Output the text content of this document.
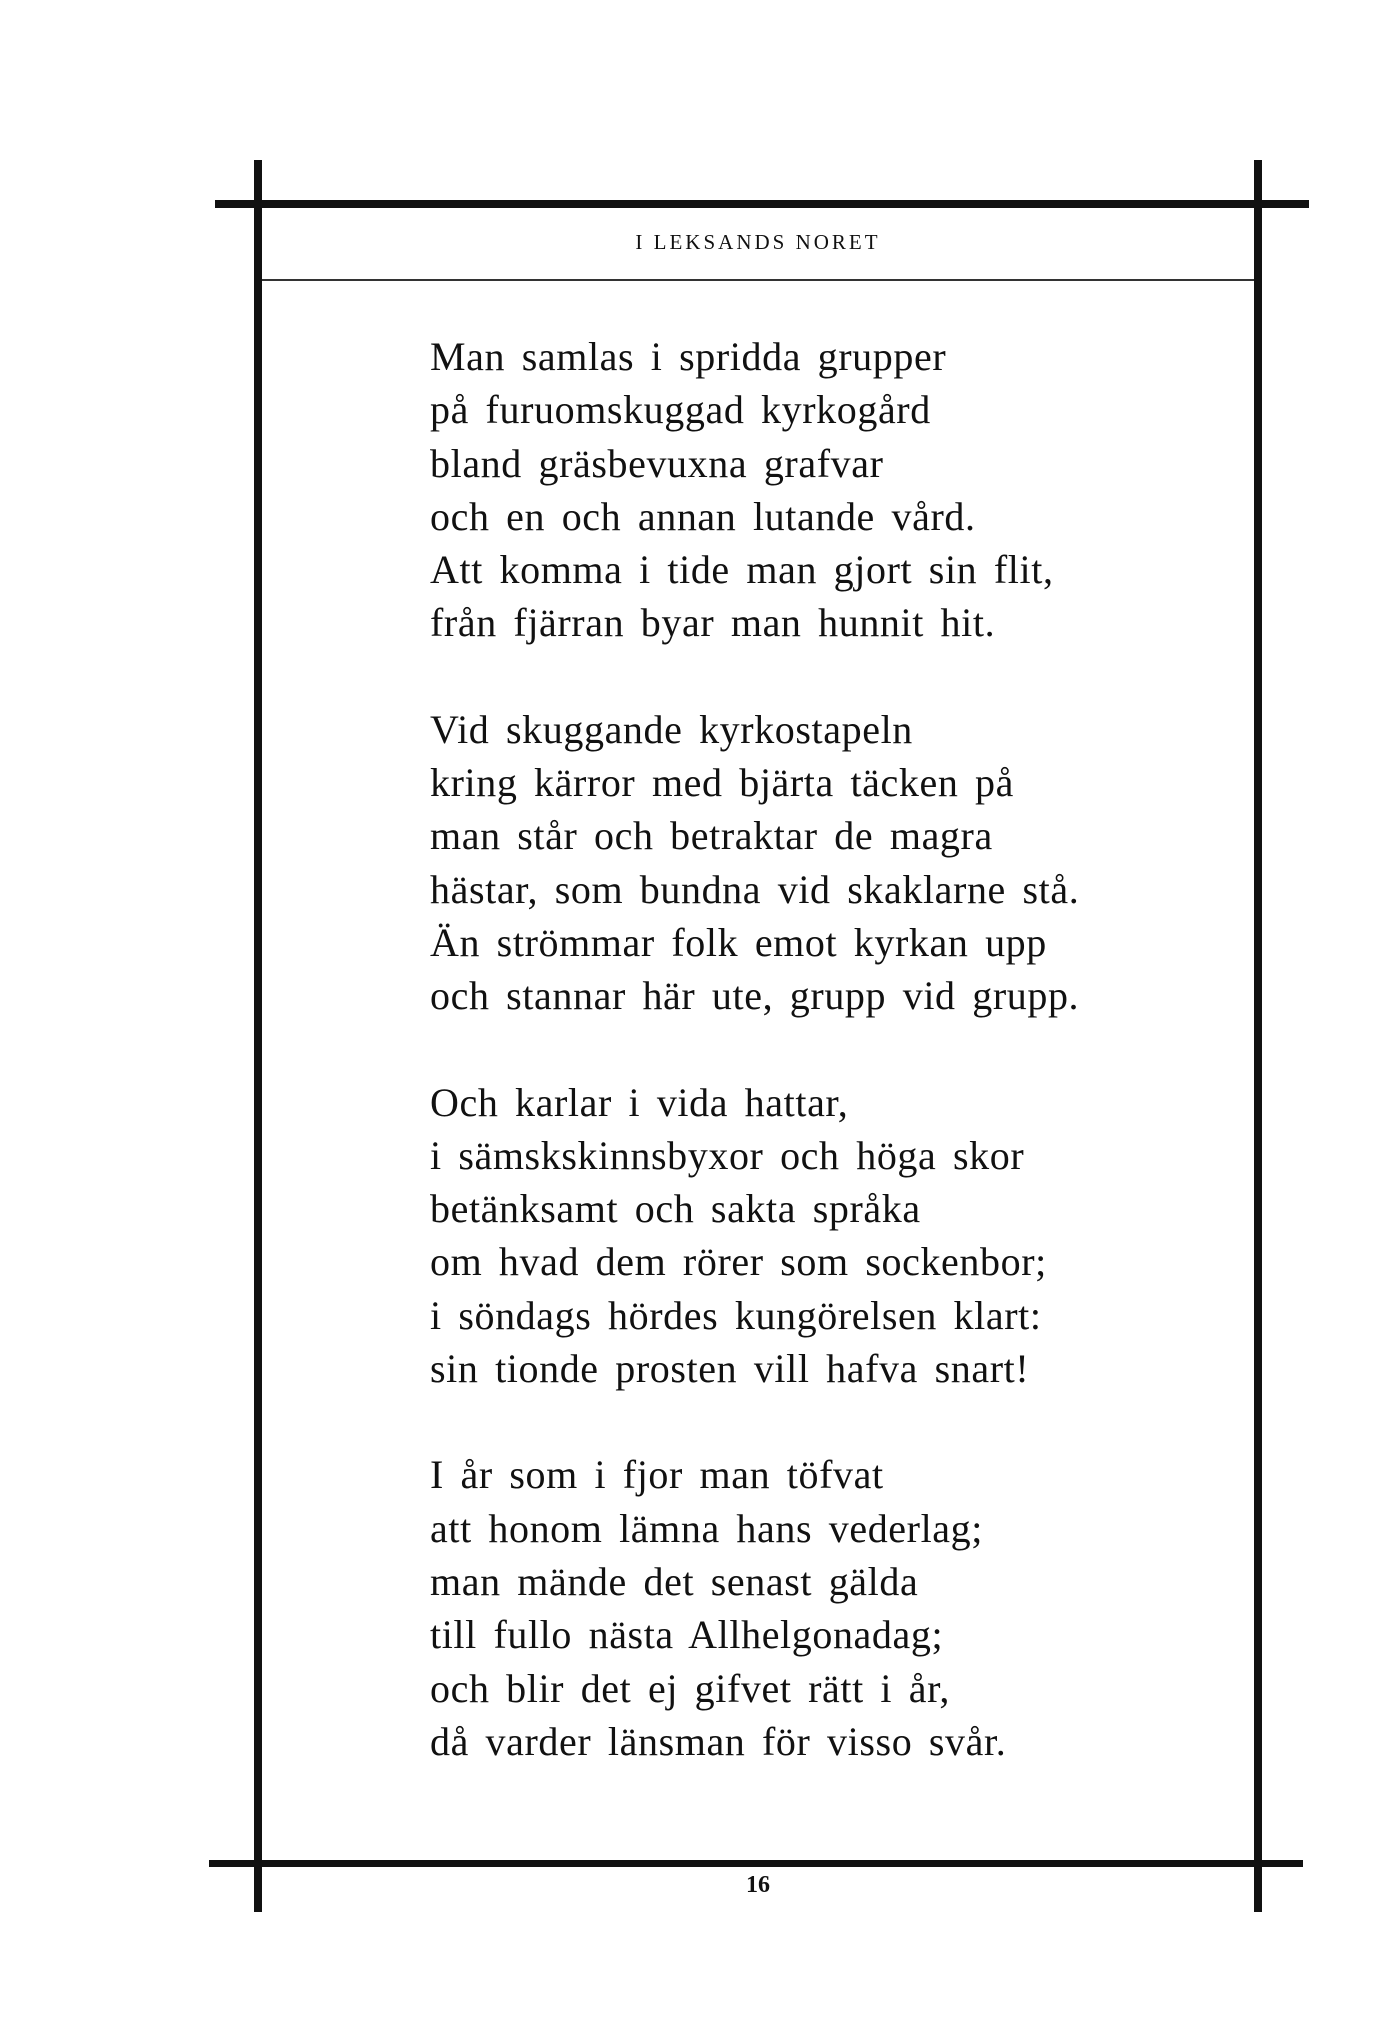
I LEKSANDS NORET
Man samlas i spridda grupper
på furuomskuggad kyrkogård
bland gräsbevuxna grafvar
och en och annan lutande vård.
Att komma i tide man gjort sin flit,
från fjärran byar man hunnit hit.
Vid skuggande kyrkostapeln
kring kärror med bjärta täcken på
man står och betraktar de magra
hästar, som bundna vid skaklarne stå.
Än strömmar folk emot kyrkan upp
och stannar här ute, grupp vid grupp.
Och karlar i vida hattar,
i sämskskinnsbyxor och höga skor
betänksamt och sakta språka
om hvad dem rörer som sockenbor;
i söndags hördes kungörelsen klart:
sin tionde prosten vill hafva snart!
I år som i fjor man töfvat
att honom lämna hans vederlag;
man mände det senast gälda
till fullo nästa Allhelgonadag;
och blir det ej gifvet rätt i år,
då varder länsman för visso svår.
16
